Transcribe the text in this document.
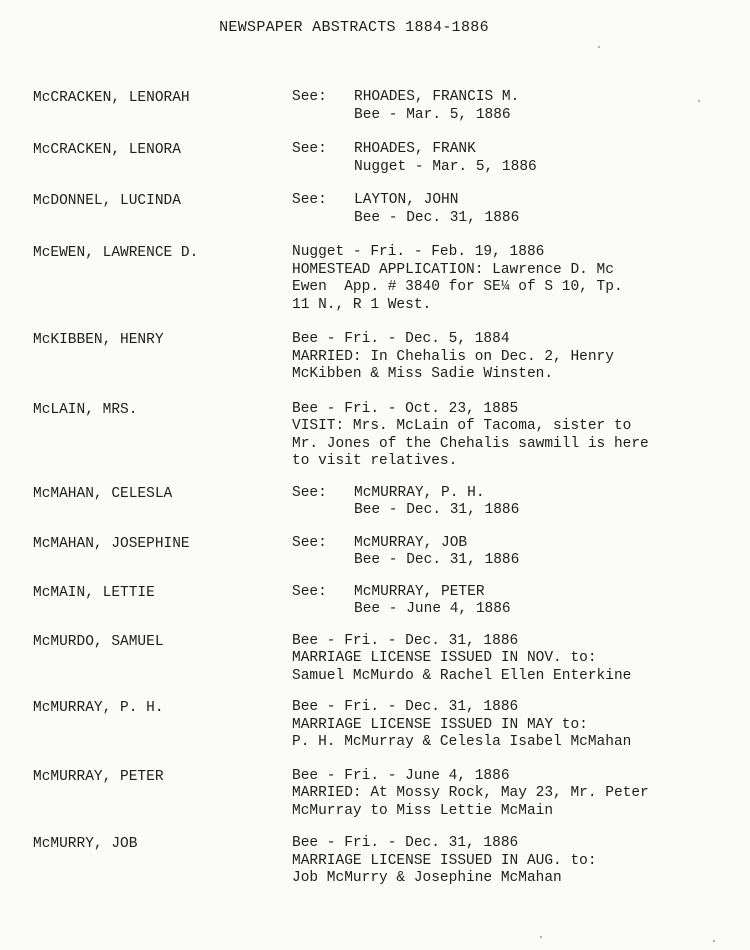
NEWSPAPER ABSTRACTS 1884-1886
McCRACKEN, LENORAH	See:	RHOADES, FRANCIS M.
Bee - Mar. 5, 1886
McCRACKEN, LENORA	See:	RHOADES, FRANK
Nugget - Mar. 5, 1886
McDONNEL, LUCINDA	See:	LAYTON, JOHN
Bee - Dec. 31, 1886
McEWEN, LAWRENCE D.	Nugget - Fri. - Feb. 19, 1886
HOMESTEAD APPLICATION: Lawrence D. Mc
Ewen  App. # 3840 for SE¼ of S 10, Tp.
11 N., R 1 West.
McKIBBEN, HENRY	Bee - Fri. - Dec. 5, 1884
MARRIED: In Chehalis on Dec. 2, Henry
McKibben & Miss Sadie Winsten.
McLAIN, MRS.	Bee - Fri. - Oct. 23, 1885
VISIT: Mrs. McLain of Tacoma, sister to
Mr. Jones of the Chehalis sawmill is here
to visit relatives.
McMAHAN, CELESLA	See:	McMURRAY, P. H.
Bee - Dec. 31, 1886
McMAHAN, JOSEPHINE	See:	McMURRAY, JOB
Bee - Dec. 31, 1886
McMAIN, LETTIE	See:	McMURRAY, PETER
Bee - June 4, 1886
McMURDO, SAMUEL	Bee - Fri. - Dec. 31, 1886
MARRIAGE LICENSE ISSUED IN NOV. to:
Samuel McMurdo & Rachel Ellen Enterkine
McMURRAY, P. H.	Bee - Fri. - Dec. 31, 1886
MARRIAGE LICENSE ISSUED IN MAY to:
P. H. McMurray & Celesla Isabel McMahan
McMURRAY, PETER	Bee - Fri. - June 4, 1886
MARRIED: At Mossy Rock, May 23, Mr. Peter
McMurray to Miss Lettie McMain
McMURRY, JOB	Bee - Fri. - Dec. 31, 1886
MARRIAGE LICENSE ISSUED IN AUG. to:
Job McMurry & Josephine McMahan
